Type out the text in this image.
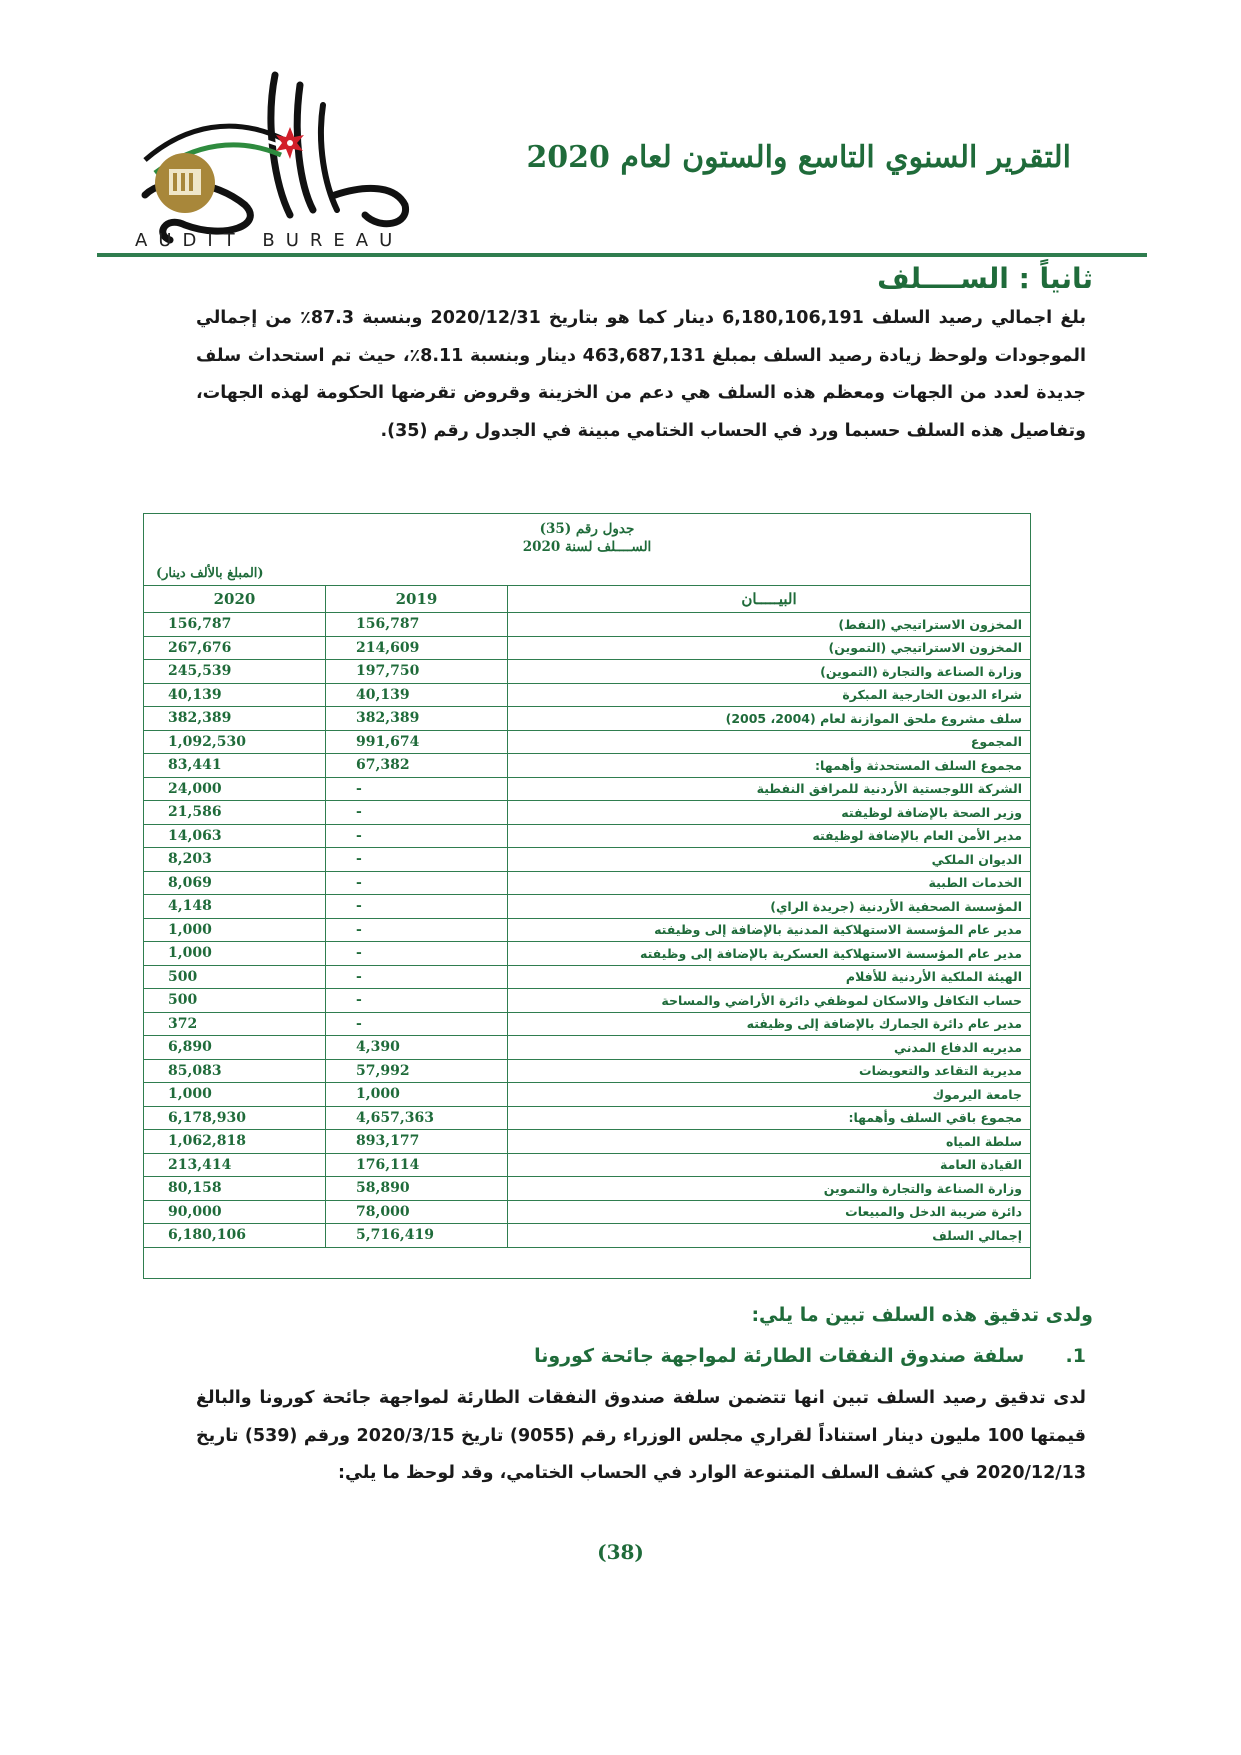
AUDIT BUREAU
التقرير السنوي التاسع والستون لعام 2020
ثانياً : الســــلف
بلغ اجمالي رصيد السلف 6,180,106,191 دينار كما هو بتاريخ 2020/12/31 وبنسبة 87.3٪ من إجمالي الموجودات ولوحظ زيادة رصيد السلف بمبلغ 463,687,131 دينار وبنسبة 8.11٪، حيث تم استحداث سلف جديدة لعدد من الجهات ومعظم هذه السلف هي دعم من الخزينة وقروض تقرضها الحكومة لهذه الجهات، وتفاصيل هذه السلف حسبما ورد في الحساب الختامي مبينة في الجدول رقم (35).
جدول رقم (35)
الســــلف لسنة 2020
(المبلغ بالألف دينار)
البيـــــان	2019	2020
المخزون الاستراتيجي (النفط)	156,787	156,787
المخزون الاستراتيجي (التموين)	214,609	267,676
وزارة الصناعة والتجارة (التموين)	197,750	245,539
شراء الديون الخارجية المبكرة	40,139	40,139
سلف مشروع ملحق الموازنة لعام (2004، 2005)	382,389	382,389
المجموع	991,674	1,092,530
مجموع السلف المستحدثة وأهمها:	67,382	83,441
الشركة اللوجستية الأردنية للمرافق النفطية	-	24,000
وزير الصحة بالإضافة لوظيفته	-	21,586
مدير الأمن العام بالإضافة لوظيفته	-	14,063
الديوان الملكي	-	8,203
الخدمات الطبية	-	8,069
المؤسسة الصحفية الأردنية (جريدة الراي)	-	4,148
مدير عام المؤسسة الاستهلاكية المدنية بالإضافة إلى وظيفته	-	1,000
مدير عام المؤسسة الاستهلاكية العسكرية بالإضافة إلى وظيفته	-	1,000
الهيئة الملكية الأردنية للأفلام	-	500
حساب التكافل والاسكان لموظفي دائرة الأراضي والمساحة	-	500
مدير عام دائرة الجمارك بالإضافة إلى وظيفته	-	372
مديريه الدفاع المدني	4,390	6,890
مديرية التقاعد والتعويضات	57,992	85,083
جامعة اليرموك	1,000	1,000
مجموع باقي السلف وأهمها:	4,657,363	6,178,930
سلطة المياه	893,177	1,062,818
القيادة العامة	176,114	213,414
وزارة الصناعة والتجارة والتموين	58,890	80,158
دائرة ضريبة الدخل والمبيعات	78,000	90,000
إجمالي السلف	5,716,419	6,180,106
ولدى تدقيق هذه السلف تبين ما يلي:
1. سلفة صندوق النفقات الطارئة لمواجهة جائحة كورونا
لدى تدقيق رصيد السلف تبين انها تتضمن سلفة صندوق النفقات الطارئة لمواجهة جائحة كورونا والبالغ قيمتها 100 مليون دينار استناداً لقراري مجلس الوزراء رقم (9055) تاريخ 2020/3/15 ورقم (539) تاريخ 2020/12/13 في كشف السلف المتنوعة الوارد في الحساب الختامي، وقد لوحظ ما يلي:
(38)
